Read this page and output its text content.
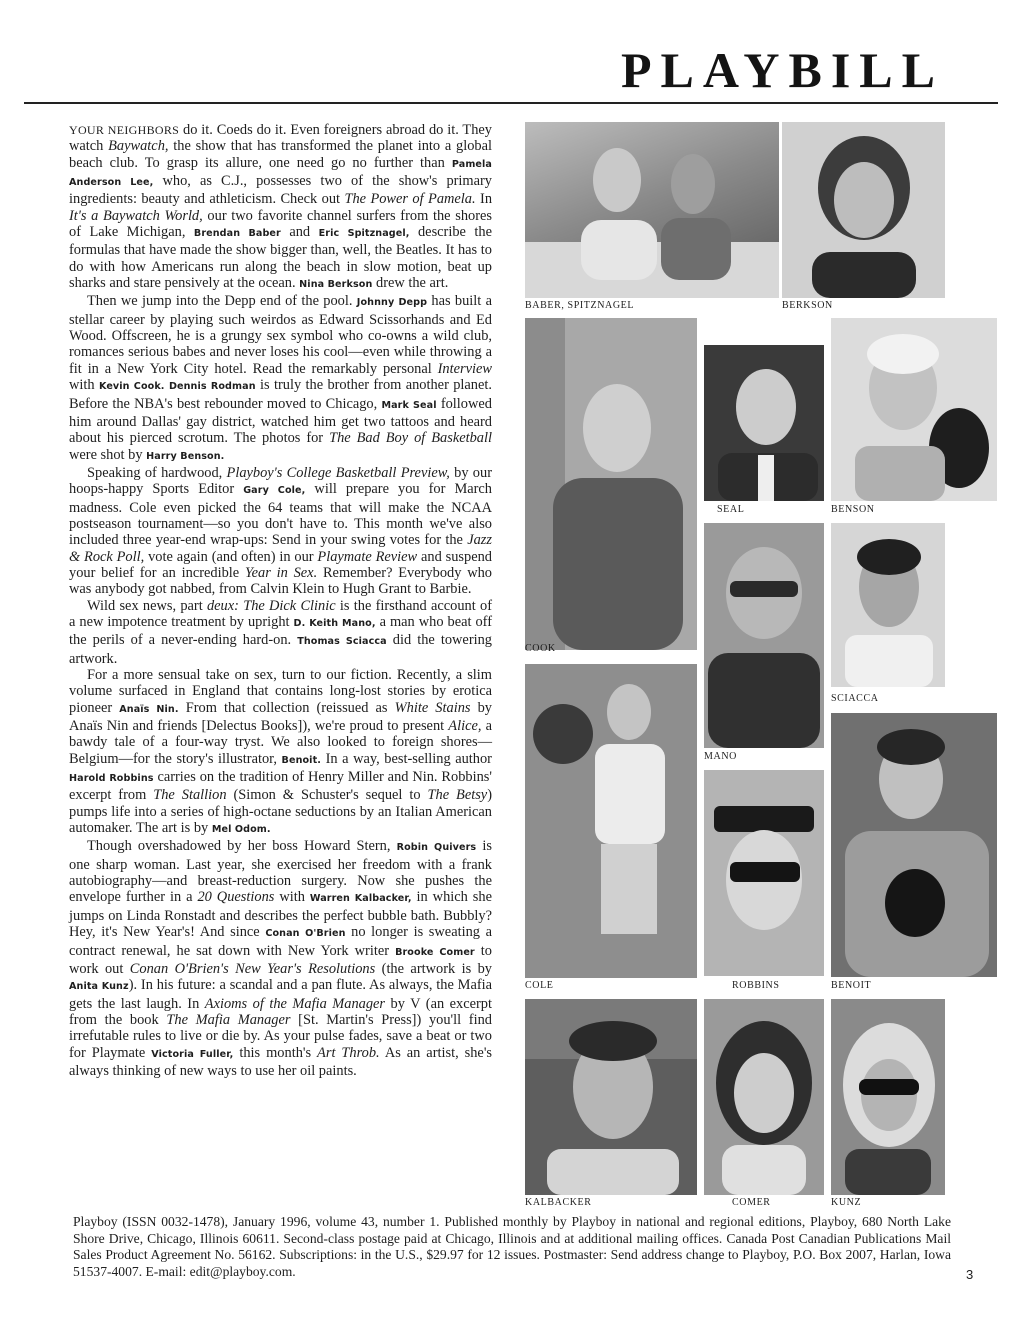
PLAYBILL

YOUR NEIGHBORS do it. Coeds do it. Even foreigners abroad do it. They watch Baywatch, the show that has transformed the planet into a global beach club. To grasp its allure, one need go no further than Pamela Anderson Lee, who, as C.J., possesses two of the show's primary ingredients: beauty and athleticism. Check out The Power of Pamela. In It's a Baywatch World, our two favorite channel surfers from the shores of Lake Michigan, Brendan Baber and Eric Spitznagel, describe the formulas that have made the show bigger than, well, the Beatles. It has to do with how Americans run along the beach in slow motion, beat up sharks and stare pensively at the ocean. Nina Berkson drew the art.

Then we jump into the Depp end of the pool. Johnny Depp has built a stellar career by playing such weirdos as Edward Scissorhands and Ed Wood. Offscreen, he is a grungy sex symbol who co-owns a wild club, romances serious babes and never loses his cool—even while throwing a fit in a New York City hotel. Read the remarkably personal Interview with Kevin Cook. Dennis Rodman is truly the brother from another planet. Before the NBA's best rebounder moved to Chicago, Mark Seal followed him around Dallas' gay district, watched him get two tattoos and heard about his pierced scrotum. The photos for The Bad Boy of Basketball were shot by Harry Benson.

Speaking of hardwood, Playboy's College Basketball Preview, by our hoops-happy Sports Editor Gary Cole, will prepare you for March madness. Cole even picked the 64 teams that will make the NCAA postseason tournament—so you don't have to. This month we've also included three year-end wrap-ups: Send in your swing votes for the Jazz & Rock Poll, vote again (and often) in our Playmate Review and suspend your belief for an incredible Year in Sex. Remember? Everybody who was anybody got nabbed, from Calvin Klein to Hugh Grant to Barbie.

Wild sex news, part deux: The Dick Clinic is the firsthand account of a new impotence treatment by upright D. Keith Mano, a man who beat off the perils of a never-ending hard-on. Thomas Sciacca did the towering artwork.

For a more sensual take on sex, turn to our fiction. Recently, a slim volume surfaced in England that contains long-lost stories by erotica pioneer Anaïs Nin. From that collection (reissued as White Stains by Anaïs Nin and friends [Delectus Books]), we're proud to present Alice, a bawdy tale of a four-way tryst. We also looked to foreign shores—Belgium—for the story's illustrator, Benoit. In a way, best-selling author Harold Robbins carries on the tradition of Henry Miller and Nin. Robbins' excerpt from The Stallion (Simon & Schuster's sequel to The Betsy) pumps life into a series of high-octane seductions by an Italian American automaker. The art is by Mel Odom.

Though overshadowed by her boss Howard Stern, Robin Quivers is one sharp woman. Last year, she exercised her freedom with a frank autobiography—and breast-reduction surgery. Now she pushes the envelope further in a 20 Questions with Warren Kalbacker, in which she jumps on Linda Ronstadt and describes the perfect bubble bath. Bubbly? Hey, it's New Year's! And since Conan O'Brien no longer is sweating a contract renewal, he sat down with New York writer Brooke Comer to work out Conan O'Brien's New Year's Resolutions (the artwork is by Anita Kunz). In his future: a scandal and a pan flute. As always, the Mafia gets the last laugh. In Axioms of the Mafia Manager by V (an excerpt from the book The Mafia Manager [St. Martin's Press]) you'll find irrefutable rules to live or die by. As your pulse fades, save a beat or two for Playmate Victoria Fuller, this month's Art Throb. As an artist, she's always thinking of new ways to use her oil paints.

BABER, SPITZNAGEL	BERKSON
COOK
SEAL	BENSON
MANO
SCIACCA
COLE	ROBBINS	BENOIT
KALBACKER	COMER	KUNZ

Playboy (ISSN 0032-1478), January 1996, volume 43, number 1. Published monthly by Playboy in national and regional editions, Playboy, 680 North Lake Shore Drive, Chicago, Illinois 60611. Second-class postage paid at Chicago, Illinois and at additional mailing offices. Canada Post Canadian Publications Mail Sales Product Agreement No. 56162. Subscriptions: in the U.S., $29.97 for 12 issues. Postmaster: Send address change to Playboy, P.O. Box 2007, Harlan, Iowa 51537-4007. E-mail: edit@playboy.com.	3
